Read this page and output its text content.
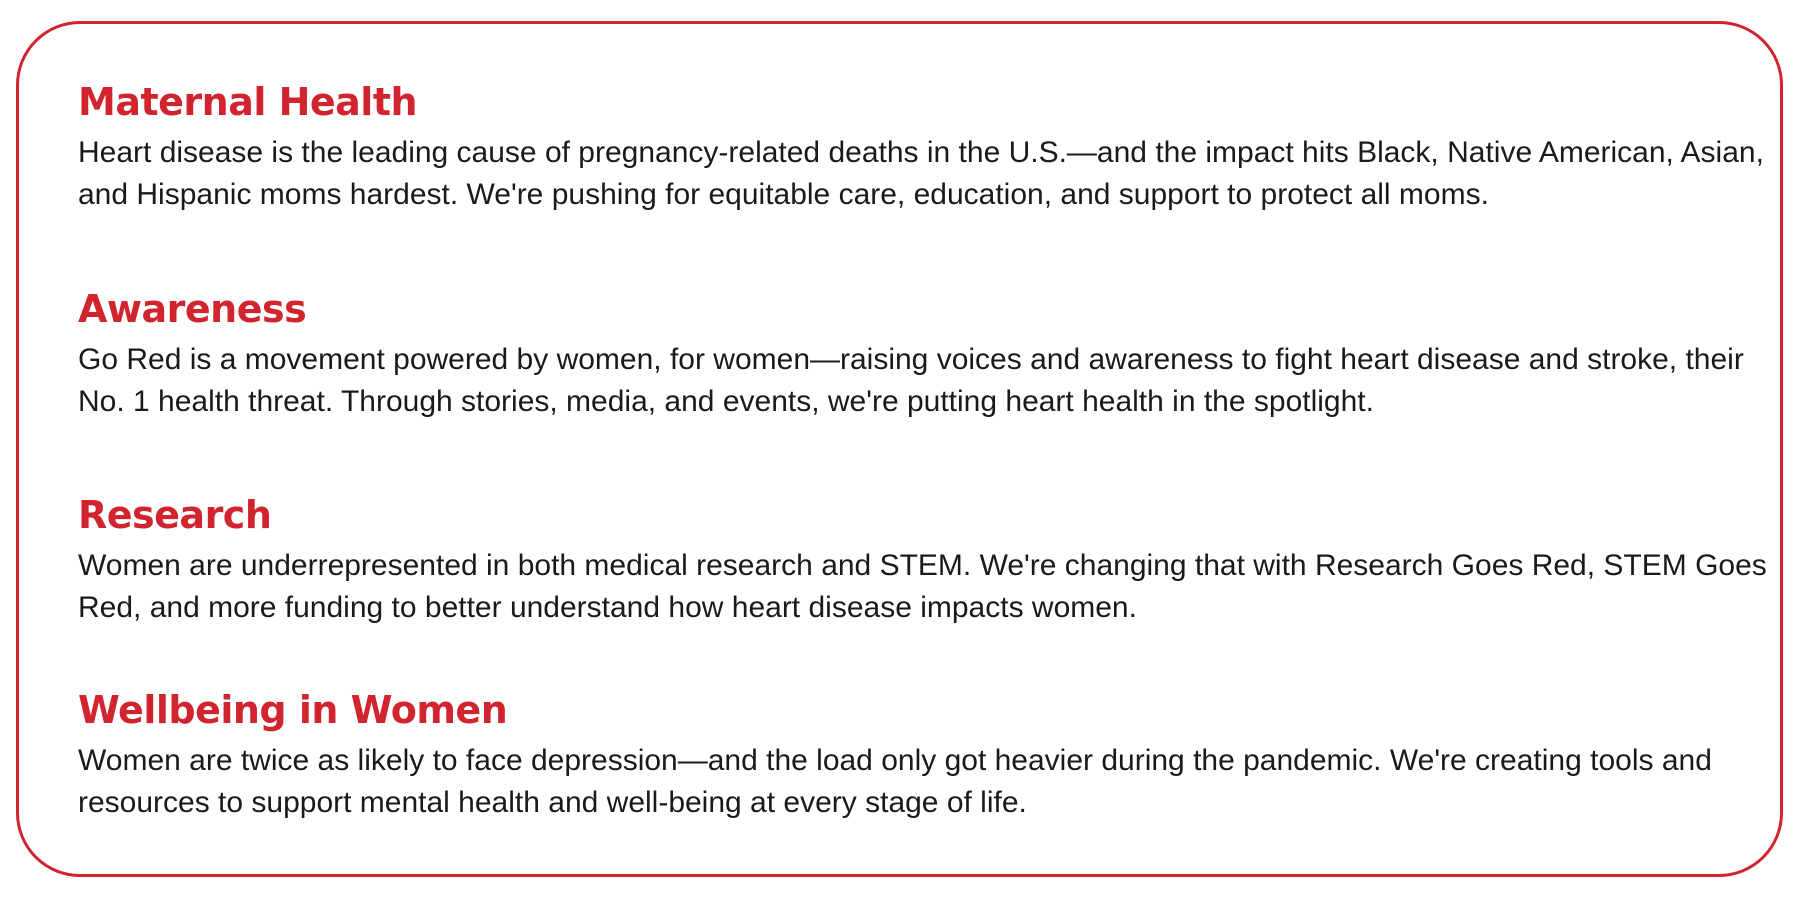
Maternal Health

Heart disease is the leading cause of pregnancy-related deaths in the U.S.—and the impact hits Black, Native American, Asian, and Hispanic moms hardest. We're pushing for equitable care, education, and support to protect all moms.

Awareness

Go Red is a movement powered by women, for women—raising voices and awareness to fight heart disease and stroke, their No. 1 health threat. Through stories, media, and events, we're putting heart health in the spotlight.

Research

Women are underrepresented in both medical research and STEM. We're changing that with Research Goes Red, STEM Goes Red, and more funding to better understand how heart disease impacts women.

Wellbeing in Women

Women are twice as likely to face depression—and the load only got heavier during the pandemic. We're creating tools and resources to support mental health and well-being at every stage of life.
